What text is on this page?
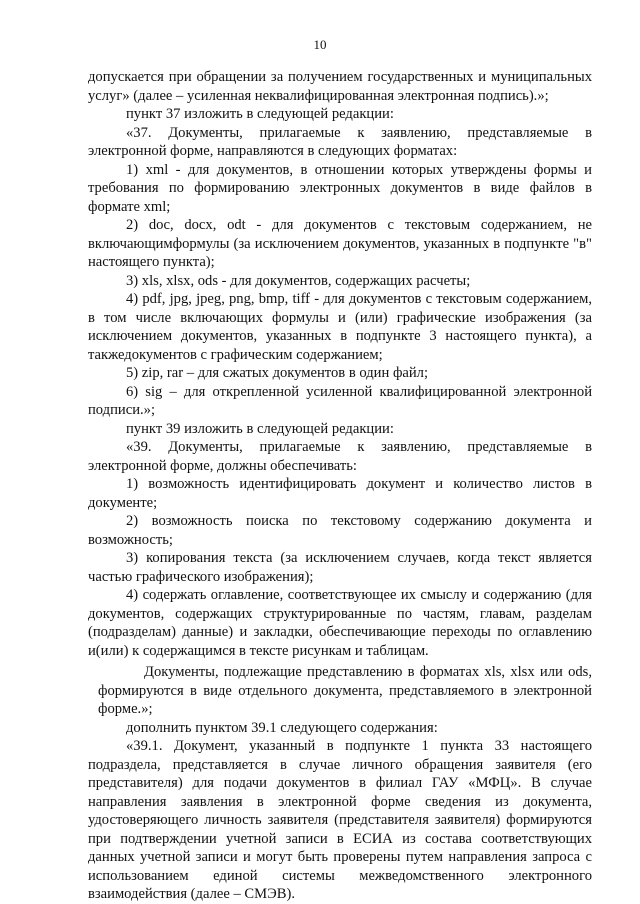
10

допускается при обращении за получением государственных и муниципальных услуг» (далее – усиленная неквалифицированная электронная подпись).»;

пункт 37 изложить в следующей редакции:

«37. Документы, прилагаемые к заявлению, представляемые в электронной форме, направляются в следующих форматах:

1) xml - для документов, в отношении которых утверждены формы и требования по формированию электронных документов в виде файлов в формате xml;

2) doc, docx, odt - для документов с текстовым содержанием, не включающимформулы (за исключением документов, указанных в подпункте "в" настоящего пункта);

3) xls, xlsx, ods - для документов, содержащих расчеты;

4) pdf, jpg, jpeg, png, bmp, tiff - для документов с текстовым содержанием, в том числе включающих формулы и (или) графические изображения (за исключением документов, указанных в подпункте 3 настоящего пункта), а такжедокументов с графическим содержанием;

5) zip, rar – для сжатых документов в один файл;

6) sig – для открепленной усиленной квалифицированной электронной подписи.»;

пункт 39 изложить в следующей редакции:

«39. Документы, прилагаемые к заявлению, представляемые в электронной форме, должны обеспечивать:

1) возможность идентифицировать документ и количество листов в документе;

2) возможность поиска по текстовому содержанию документа и возможность;

3) копирования текста (за исключением случаев, когда текст является частью графического изображения);

4) содержать оглавление, соответствующее их смыслу и содержанию (для документов, содержащих структурированные по частям, главам, разделам (подразделам) данные) и закладки, обеспечивающие переходы по оглавлению и(или) к содержащимся в тексте рисункам и таблицам.

Документы, подлежащие представлению в форматах xls, xlsx или ods, формируются в виде отдельного документа, представляемого в электронной форме.»;

дополнить пунктом 39.1 следующего содержания:

«39.1. Документ, указанный в подпункте 1 пункта 33 настоящего подраздела, представляется в случае личного обращения заявителя (его представителя) для подачи документов в филиал ГАУ «МФЦ». В случае направления заявления в электронной форме сведения из документа, удостоверяющего личность заявителя (представителя заявителя) формируются при подтверждении учетной записи в ЕСИА из состава соответствующих данных учетной записи и могут быть проверены путем направления запроса с использованием единой системы межведомственного электронного взаимодействия (далее – СМЭВ).
